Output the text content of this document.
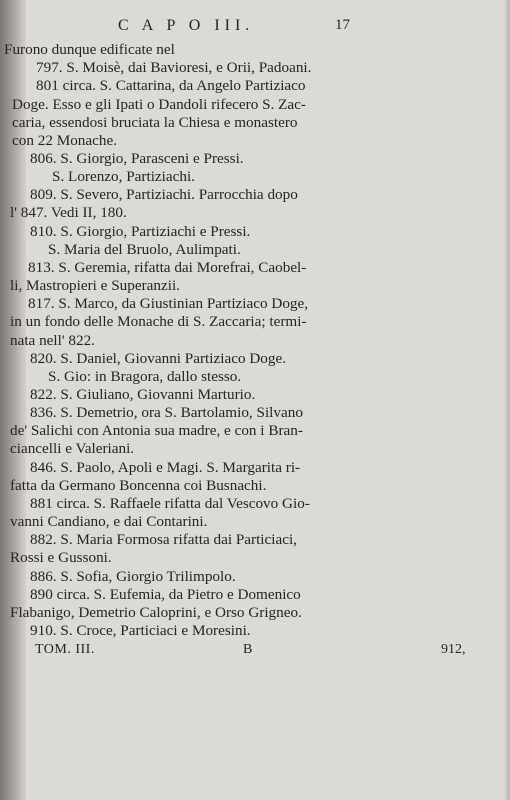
C A P O III.	17
TOM. III.	B	912,
Furono dunque edificate nel
797. S. Moisè, dai Bavioresi, e Orii, Padoani.
801 circa. S. Cattarina, da Angelo Partiziaco
Doge. Esso e gli Ipati o Dandoli rifecero S. Zac-
caria, essendosi bruciata la Chiesa e monastero
con 22 Monache.
806. S. Giorgio, Parasceni e Pressi.
S. Lorenzo, Partiziachi.
809. S. Severo, Partiziachi. Parrocchia dopo
l' 847. Vedi II, 180.
810. S. Giorgio, Partiziachi e Pressi.
S. Maria del Bruolo, Aulimpati.
813. S. Geremia, rifatta dai Morefrai, Caobel-
li, Mastropieri e Superanzii.
817. S. Marco, da Giustinian Partiziaco Doge,
in un fondo delle Monache di S. Zaccaria; termi-
nata nell' 822.
820. S. Daniel, Giovanni Partiziaco Doge.
S. Gio: in Bragora, dallo stesso.
822. S. Giuliano, Giovanni Marturio.
836. S. Demetrio, ora S. Bartolamio, Silvano
de' Salichi con Antonia sua madre, e con i Bran-
ciancelli e Valeriani.
846. S. Paolo, Apoli e Magi. S. Margarita ri-
fatta da Germano Boncenna coi Busnachi.
881 circa. S. Raffaele rifatta dal Vescovo Gio-
vanni Candiano, e dai Contarini.
882. S. Maria Formosa rifatta dai Particiaci,
Rossi e Gussoni.
886. S. Sofia, Giorgio Trilimpolo.
890 circa. S. Eufemia, da Pietro e Domenico
Flabanigo, Demetrio Caloprini, e Orso Grigneo.
910. S. Croce, Particiaci e Moresini.
